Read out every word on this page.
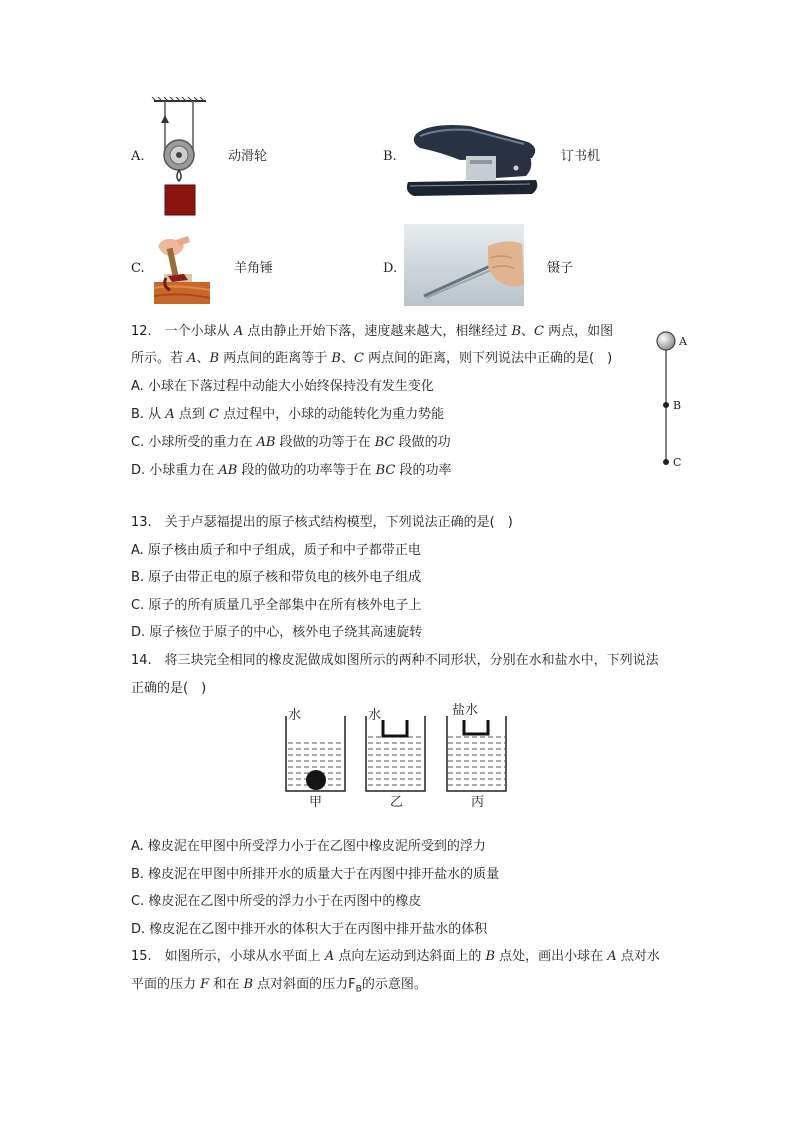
A.	动滑轮	B.	订书机
C.	羊角锤	D.	镊子
12.　一个小球从 A 点由静止开始下落，速度越来越大，相继经过 B、C 两点，如图
所示。若 A、B 两点间的距离等于 B、C 两点间的距离，则下列说法中正确的是(　)
A. 小球在下落过程中动能大小始终保持没有发生变化
B. 从 A 点到 C 点过程中，小球的动能转化为重力势能
C. 小球所受的重力在 AB 段做的功等于在 BC 段做的功
D. 小球重力在 AB 段的做功的功率等于在 BC 段的功率
A
B
C
13.　关于卢瑟福提出的原子核式结构模型，下列说法正确的是(　)
A. 原子核由质子和中子组成，质子和中子都带正电
B. 原子由带正电的原子核和带负电的核外电子组成
C. 原子的所有质量几乎全部集中在所有核外电子上
D. 原子核位于原子的中心，核外电子绕其高速旋转
14.　将三块完全相同的橡皮泥做成如图所示的两种不同形状，分别在水和盐水中，下列说法
正确的是(　)
水	水	盐水
甲	乙	丙
A. 橡皮泥在甲图中所受浮力小于在乙图中橡皮泥所受到的浮力
B. 橡皮泥在甲图中所排开水的质量大于在丙图中排开盐水的质量
C. 橡皮泥在乙图中所受的浮力小于在丙图中的橡皮
D. 橡皮泥在乙图中排开水的体积大于在丙图中排开盐水的体积
15.　如图所示，小球从水平面上 A 点向左运动到达斜面上的 B 点处，画出小球在 A 点对水
平面的压力 F 和在 B 点对斜面的压力$F_B$的示意图。
